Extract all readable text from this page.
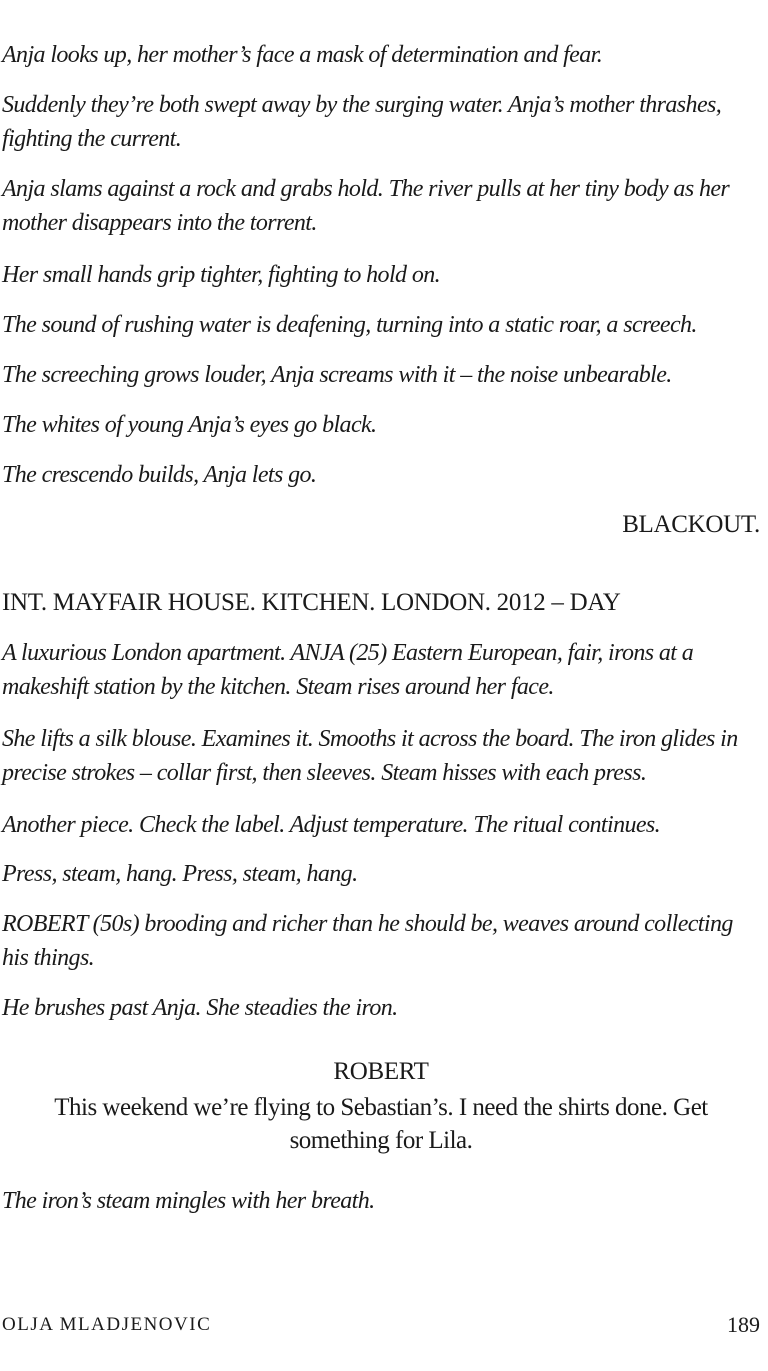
Anja looks up, her mother’s face a mask of determination and fear.

Suddenly they’re both swept away by the surging water. Anja’s mother thrashes, fighting the current.

Anja slams against a rock and grabs hold. The river pulls at her tiny body as her mother disappears into the torrent.

Her small hands grip tighter, fighting to hold on.

The sound of rushing water is deafening, turning into a static roar, a screech.

The screeching grows louder, Anja screams with it – the noise unbearable.

The whites of young Anja’s eyes go black.

The crescendo builds, Anja lets go.

BLACKOUT.

INT. MAYFAIR HOUSE. KITCHEN. LONDON. 2012 – DAY

A luxurious London apartment. ANJA (25) Eastern European, fair, irons at a makeshift station by the kitchen. Steam rises around her face.

She lifts a silk blouse. Examines it. Smooths it across the board. The iron glides in precise strokes – collar first, then sleeves. Steam hisses with each press.

Another piece. Check the label. Adjust temperature. The ritual continues.

Press, steam, hang. Press, steam, hang.

ROBERT (50s) brooding and richer than he should be, weaves around collecting his things.

He brushes past Anja. She steadies the iron.

ROBERT

This weekend we’re flying to Sebastian’s. I need the shirts done. Get something for Lila.

The iron’s steam mingles with her breath.

OLJA MLADJENOVIC	189
